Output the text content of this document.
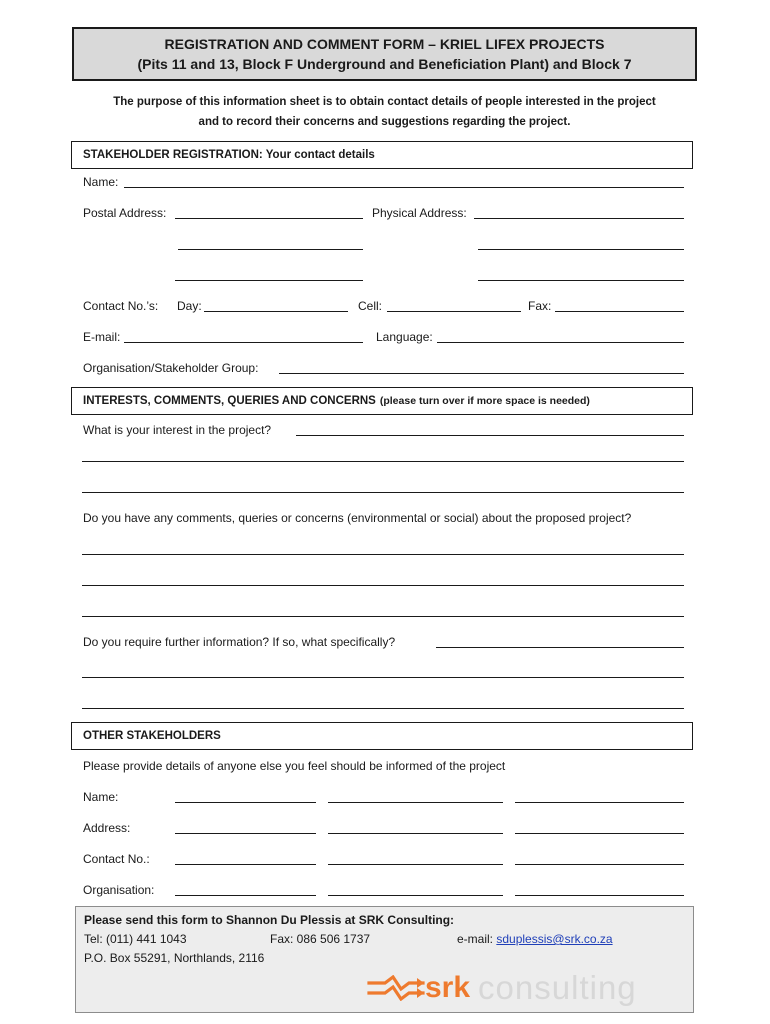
REGISTRATION AND COMMENT FORM – KRIEL LIFEX PROJECTS
(Pits 11 and 13, Block F Underground and Beneficiation Plant) and Block 7
The purpose of this information sheet is to obtain contact details of people interested in the project
and to record their concerns and suggestions regarding the project.
STAKEHOLDER REGISTRATION: Your contact details
Name:
Postal Address:	Physical Address:
Contact No.’s: Day:	Cell:	Fax:
E-mail:	Language:
Organisation/Stakeholder Group:
INTERESTS, COMMENTS, QUERIES AND CONCERNS (please turn over if more space is needed)
What is your interest in the project?
Do you have any comments, queries or concerns (environmental or social) about the proposed project?
Do you require further information? If so, what specifically?
OTHER STAKEHOLDERS
Please provide details of anyone else you feel should be informed of the project
Name:
Address:
Contact No.:
Organisation:
Please send this form to Shannon Du Plessis at SRK Consulting:
Tel: (011) 441 1043	Fax: 086 506 1737	e-mail: sduplessis@srk.co.za
P.O. Box 55291, Northlands, 2116
srk consulting
